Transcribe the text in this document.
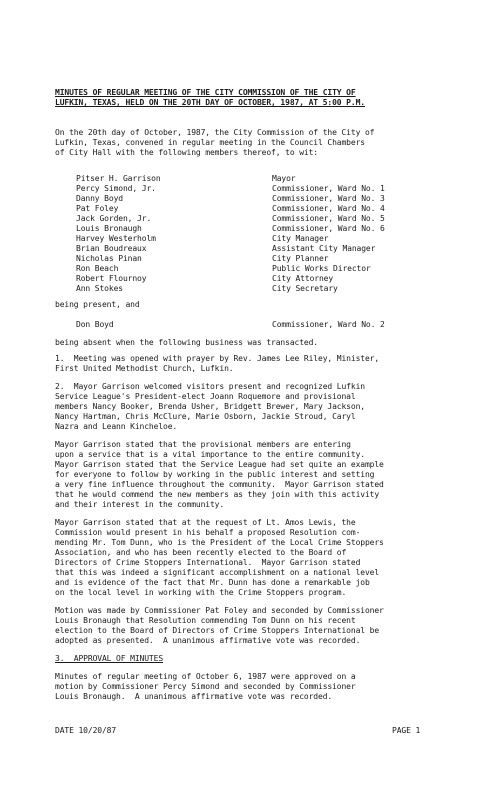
MINUTES OF REGULAR MEETING OF THE CITY COMMISSION OF THE CITY OF
LUFKIN, TEXAS, HELD ON THE 20TH DAY OF OCTOBER, 1987, AT 5:00 P.M.
On the 20th day of October, 1987, the City Commission of the City of
Lufkin, Texas, convened in regular meeting in the Council Chambers
of City Hall with the following members thereof, to wit:
Pitser H. Garrison	Mayor
Percy Simond, Jr.	Commissioner, Ward No. 1
Danny Boyd	Commissioner, Ward No. 3
Pat Foley	Commissioner, Ward No. 4
Jack Gorden, Jr.	Commissioner, Ward No. 5
Louis Bronaugh	Commissioner, Ward No. 6
Harvey Westerholm	City Manager
Brian Boudreaux	Assistant City Manager
Nicholas Pinan	City Planner
Ron Beach	Public Works Director
Robert Flournoy	City Attorney
Ann Stokes	City Secretary
being present, and
Don Boyd	Commissioner, Ward No. 2
being absent when the following business was transacted.
1.  Meeting was opened with prayer by Rev. James Lee Riley, Minister,
First United Methodist Church, Lufkin.
2.  Mayor Garrison welcomed visitors present and recognized Lufkin
Service League's President-elect Joann Roquemore and provisional
members Nancy Booker, Brenda Usher, Bridgett Brewer, Mary Jackson,
Nancy Hartman, Chris McClure, Marie Osborn, Jackie Stroud, Caryl
Nazra and Leann Kincheloe.
Mayor Garrison stated that the provisional members are entering
upon a service that is a vital importance to the entire community.
Mayor Garrison stated that the Service League had set quite an example
for everyone to follow by working in the public interest and setting
a very fine influence throughout the community.  Mayor Garrison stated
that he would commend the new members as they join with this activity
and their interest in the community.
Mayor Garrison stated that at the request of Lt. Amos Lewis, the
Commission would present in his behalf a proposed Resolution com-
mending Mr. Tom Dunn, who is the President of the Local Crime Stoppers
Association, and who has been recently elected to the Board of
Directors of Crime Stoppers International.  Mayor Garrison stated
that this was indeed a significant accomplishment on a national level
and is evidence of the fact that Mr. Dunn has done a remarkable job
on the local level in working with the Crime Stoppers program.
Motion was made by Commissioner Pat Foley and seconded by Commissioner
Louis Bronaugh that Resolution commending Tom Dunn on his recent
election to the Board of Directors of Crime Stoppers International be
adopted as presented.  A unanimous affirmative vote was recorded.
3.  APPROVAL OF MINUTES
Minutes of regular meeting of October 6, 1987 were approved on a
motion by Commissioner Percy Simond and seconded by Commissioner
Louis Bronaugh.  A unanimous affirmative vote was recorded.
DATE 10/20/87	PAGE 1
